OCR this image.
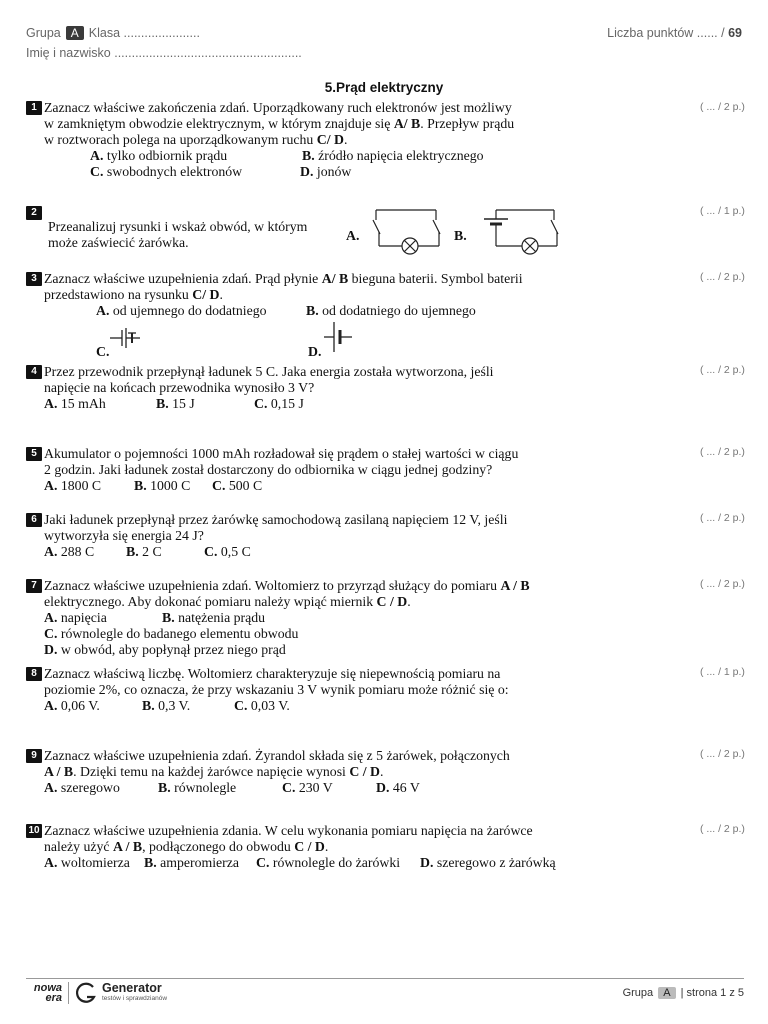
Grupa A Klasa ......................
Imię i nazwisko ......................................................
Liczba punktów ...... / 69
5.Prąd elektryczny
1 Zaznacz właściwe zakończenia zdań. Uporządkowany ruch elektronów jest możliwy
w zamkniętym obwodzie elektrycznym, w którym znajduje się A/ B. Przepływ prądu
w roztworach polega na uporządkowanym ruchu C/ D.
A. tylko odbiornik prądu	B. źródło napięcia elektrycznego
C. swobodnych elektronów	D. jonów
( ... / 2 p.)
2
Przeanalizuj rysunki i wskaż obwód, w którym
może zaświecić żarówka.	A.	B.
( ... / 1 p.)
3 Zaznacz właściwe uzupełnienia zdań. Prąd płynie A/ B bieguna baterii. Symbol baterii
przedstawiono na rysunku C/ D.
A. od ujemnego do dodatniego	B. od dodatniego do ujemnego
C.	D.
( ... / 2 p.)
4 Przez przewodnik przepłynął ładunek 5 C. Jaka energia została wytworzona, jeśli
napięcie na końcach przewodnika wynosiło 3 V?
A. 15 mAh	B. 15 J	C. 0,15 J
( ... / 2 p.)
5 Akumulator o pojemności 1000 mAh rozładował się prądem o stałej wartości w ciągu
2 godzin. Jaki ładunek został dostarczony do odbiornika w ciągu jednej godziny?
A. 1800 C B. 1000 C C. 500 C
( ... / 2 p.)
6 Jaki ładunek przepłynął przez żarówkę samochodową zasilaną napięciem 12 V, jeśli
wytworzyła się energia 24 J?
A. 288 C B. 2 C	C. 0,5 C
( ... / 2 p.)
7 Zaznacz właściwe uzupełnienia zdań. Woltomierz to przyrząd służący do pomiaru A / B
elektrycznego. Aby dokonać pomiaru należy wpiąć miernik C / D.
A. napięcia	B. natężenia prądu
C. równolegle do badanego elementu obwodu
D. w obwód, aby popłynął przez niego prąd
( ... / 2 p.)
8 Zaznacz właściwą liczbę. Woltomierz charakteryzuje się niepewnością pomiaru na
poziomie 2%, co oznacza, że przy wskazaniu 3 V wynik pomiaru może różnić się o:
A. 0,06 V.	B. 0,3 V.	C. 0,03 V.
( ... / 1 p.)
9 Zaznacz właściwe uzupełnienia zdań. Żyrandol składa się z 5 żarówek, połączonych
A / B. Dzięki temu na każdej żarówce napięcie wynosi C / D.
A. szeregowo	B. równolegle	C. 230 V	D. 46 V
( ... / 2 p.)
10 Zaznacz właściwe uzupełnienia zdania. W celu wykonania pomiaru napięcia na żarówce
należy użyć A / B, podłączonego do obwodu C / D.
A. woltomierza B. amperomierza C. równolegle do żarówki D. szeregowo z żarówką
( ... / 2 p.)
nowa
era
Generator
testów i sprawdzianów	Grupa A | strona 1 z 5
